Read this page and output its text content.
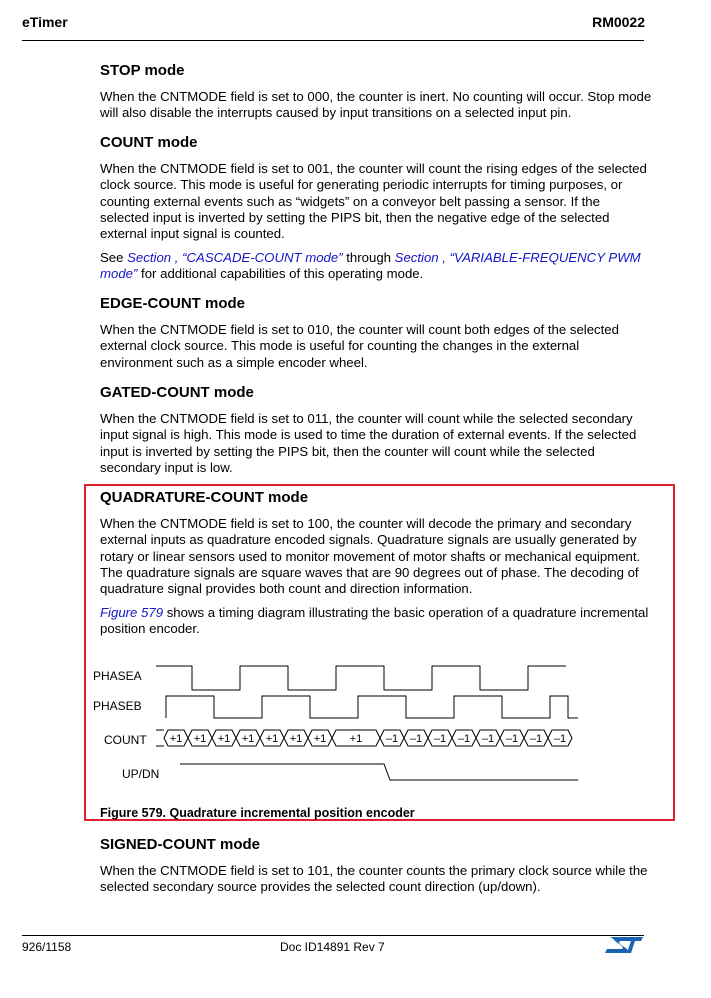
eTimer	RM0022
STOP mode

When the CNTMODE field is set to 000, the counter is inert. No counting will occur. Stop mode will also disable the interrupts caused by input transitions on a selected input pin.

COUNT mode

When the CNTMODE field is set to 001, the counter will count the rising edges of the selected clock source. This mode is useful for generating periodic interrupts for timing purposes, or counting external events such as “widgets” on a conveyor belt passing a sensor. If the selected input is inverted by setting the PIPS bit, then the negative edge of the selected external input signal is counted.

See Section , “CASCADE-COUNT mode” through Section , “VARIABLE-FREQUENCY PWM mode” for additional capabilities of this operating mode.

EDGE-COUNT mode

When the CNTMODE field is set to 010, the counter will count both edges of the selected external clock source. This mode is useful for counting the changes in the external environment such as a simple encoder wheel.

GATED-COUNT mode

When the CNTMODE field is set to 011, the counter will count while the selected secondary input signal is high. This mode is used to time the duration of external events. If the selected input is inverted by setting the PIPS bit, then the counter will count while the selected secondary input is low.

QUADRATURE-COUNT mode

When the CNTMODE field is set to 100, the counter will decode the primary and secondary external inputs as quadrature encoded signals. Quadrature signals are usually generated by rotary or linear sensors used to monitor movement of motor shafts or mechanical equipment. The quadrature signals are square waves that are 90 degrees out of phase. The decoding of quadrature signal provides both count and direction information.

Figure 579 shows a timing diagram illustrating the basic operation of a quadrature incremental position encoder.

PHASEA
PHASEB
COUNT
UP/DN
+1 +1 +1 +1 +1 +1 +1 +1 –1 –1 –1 –1 –1 –1 –1 –1
Figure 579. Quadrature incremental position encoder
SIGNED-COUNT mode

When the CNTMODE field is set to 101, the counter counts the primary clock source while the selected secondary source provides the selected count direction (up/down).

926/1158	Doc ID14891 Rev 7
